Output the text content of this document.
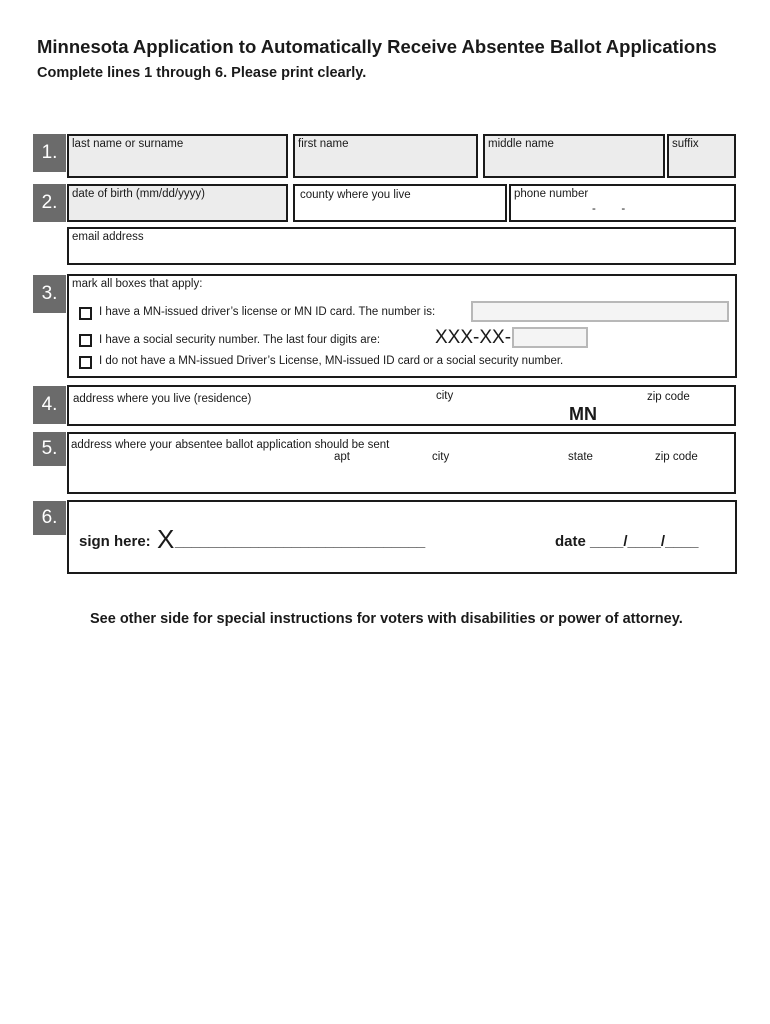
Minnesota Application to Automatically Receive Absentee Ballot Applications
Complete lines 1 through 6. Please print clearly.
1.	last name or surname	first name	middle name	suffix
2.	date of birth (mm/dd/yyyy)	county where you live	phone number
-        -
email address
3.	mark all boxes that apply:
I have a MN-issued driver’s license or MN ID card. The number is:
I have a social security number. The last four digits are:	XXX-XX-
I do not have a MN-issued Driver’s License, MN-issued ID card or a social security number.
4.	address where you live (residence)	city	zip code
MN
5.	address where your absentee ballot application should be sent
apt	city	state	zip code
6.
sign here: X ______________________________	date ____/____/____
See other side for special instructions for voters with disabilities or power of attorney.
